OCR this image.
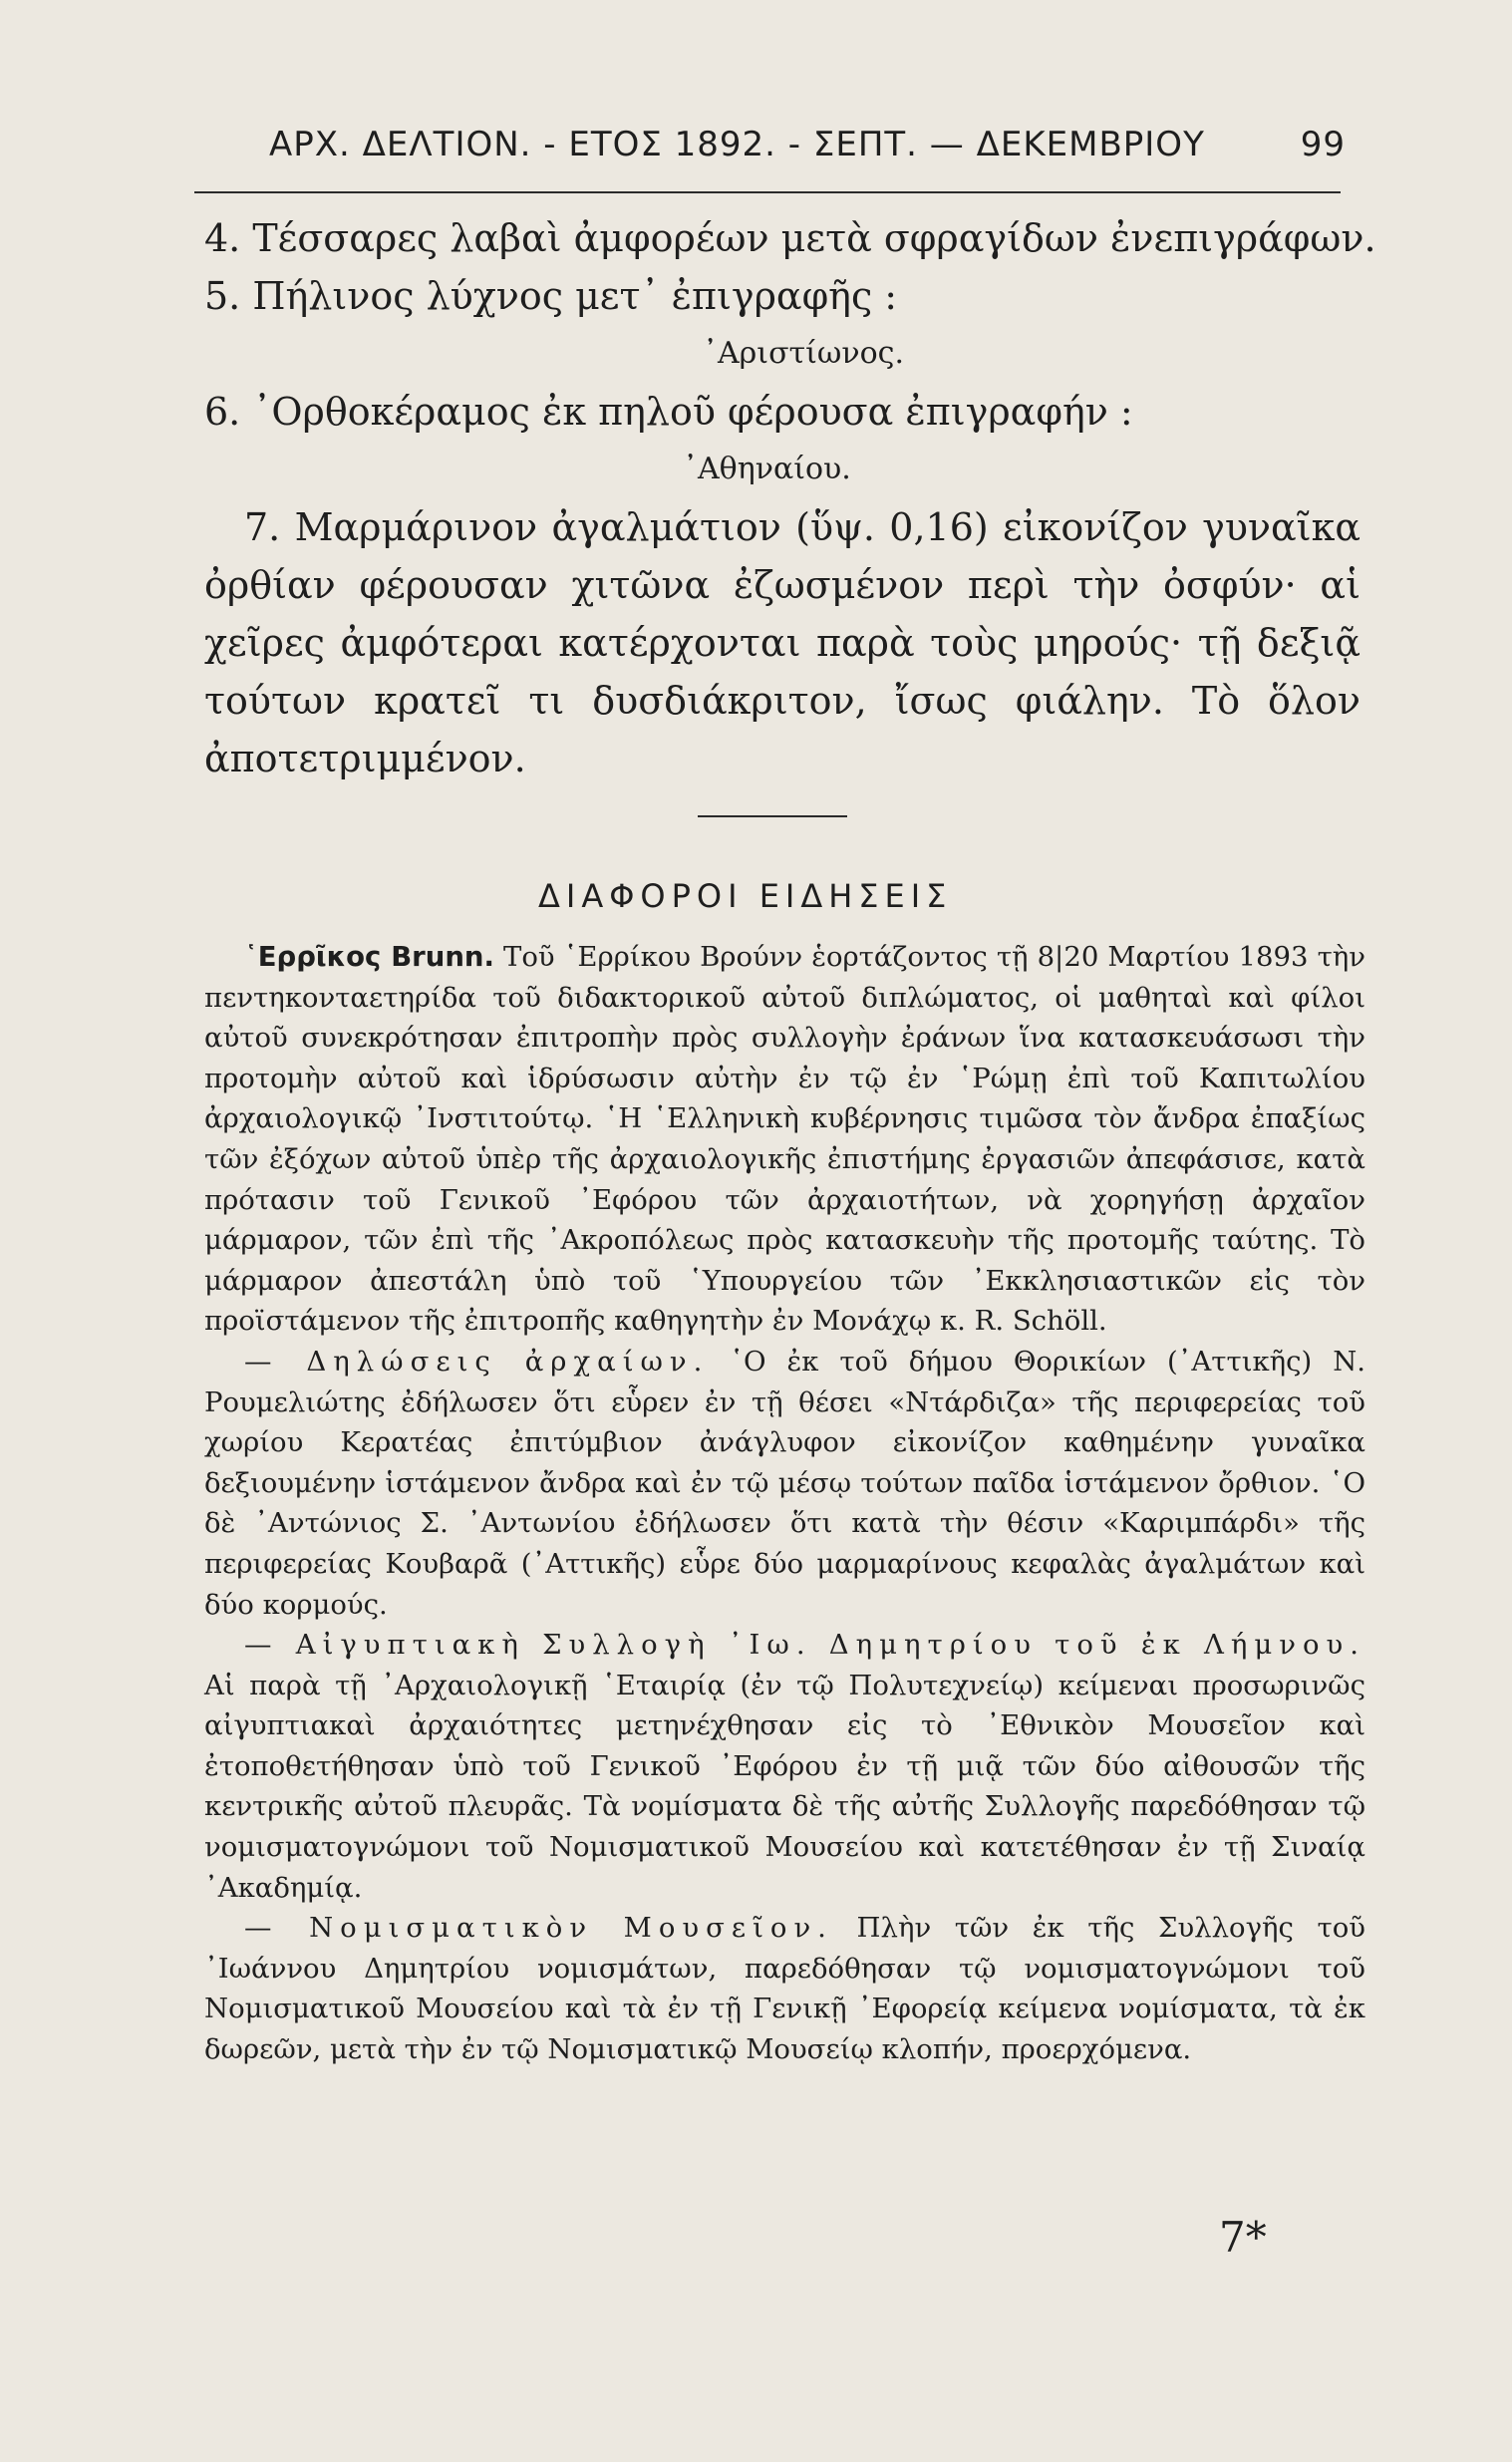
ΑΡΧ. ΔΕΛΤΙΟΝ. - ΕΤΟΣ 1892. - ΣΕΠΤ. — ΔΕΚΕΜΒΡΙΟΥ	99

4. Τέσσαρες λαβαὶ ἀμφορέων μετὰ σφραγίδων ἐνεπιγράφων.

5. Πήλινος λύχνος μετ᾽ ἐπιγραφῆς :

᾽Αριστίωνος.

6. ᾽Ορθοκέραμος ἐκ πηλοῦ φέρουσα ἐπιγραφήν :

᾽Αθηναίου.

7. Μαρμάρινον ἀγαλμάτιον (ὕψ. 0,16) εἰκονίζον γυναῖκα ὀρθίαν φέρουσαν χιτῶνα ἐζωσμένον περὶ τὴν ὀσφύν· αἱ χεῖρες ἀμφότεραι κατέρχονται παρὰ τοὺς μηρούς· τῇ δεξιᾷ τούτων κρατεῖ τι δυσδιάκριτον, ἴσως φιάλην. Τὸ ὅλον ἀποτετριμμένον.

ΔΙΑΦΟΡΟΙ ΕΙΔΗΣΕΙΣ

῾Ερρῖκος Brunn. Τοῦ ῾Ερρίκου Βρούνν ἑορτάζοντος τῇ 8|20 Μαρτίου 1893 τὴν πεντηκονταετηρίδα τοῦ διδακτορικοῦ αὐτοῦ διπλώματος, οἱ μαθηταὶ καὶ φίλοι αὐτοῦ συνεκρότησαν ἐπιτροπὴν πρὸς συλλογὴν ἐράνων ἵνα κατασκευάσωσι τὴν προτομὴν αὐτοῦ καὶ ἱδρύσωσιν αὐτὴν ἐν τῷ ἐν ῾Ρώμῃ ἐπὶ τοῦ Καπιτωλίου ἀρχαιολογικῷ ᾽Ινστιτούτῳ. ῾Η ῾Ελληνικὴ κυβέρνησις τιμῶσα τὸν ἄνδρα ἐπαξίως τῶν ἐξόχων αὐτοῦ ὑπὲρ τῆς ἀρχαιολογικῆς ἐπιστήμης ἐργασιῶν ἀπεφάσισε, κατὰ πρότασιν τοῦ Γενικοῦ ᾽Εφόρου τῶν ἀρχαιοτήτων, νὰ χορηγήσῃ ἀρχαῖον μάρμαρον, τῶν ἐπὶ τῆς ᾽Ακροπόλεως πρὸς κατασκευὴν τῆς προτομῆς ταύτης. Τὸ μάρμαρον ἀπεστάλη ὑπὸ τοῦ ῾Υπουργείου τῶν ᾽Εκκλησιαστικῶν εἰς τὸν προϊστάμενον τῆς ἐπιτροπῆς καθηγητὴν ἐν Μονάχῳ κ. R. Schöll.

— Δηλώσεις ἀρχαίων. ῾Ο ἐκ τοῦ δήμου Θορικίων (᾽Αττικῆς) Ν. Ρουμελιώτης ἐδήλωσεν ὅτι εὗρεν ἐν τῇ θέσει «Ντάρδιζα» τῆς περιφερείας τοῦ χωρίου Κερατέας ἐπιτύμβιον ἀνάγλυφον εἰκονίζον καθημένην γυναῖκα δεξιουμένην ἱστάμενον ἄνδρα καὶ ἐν τῷ μέσῳ τούτων παῖδα ἱστάμενον ὄρθιον. ῾Ο δὲ ᾽Αντώνιος Σ. ᾽Αντωνίου ἐδήλωσεν ὅτι κατὰ τὴν θέσιν «Καριμπάρδι» τῆς περιφερείας Κουβαρᾶ (᾽Αττικῆς) εὗρε δύο μαρμαρίνους κεφαλὰς ἀγαλμάτων καὶ δύο κορμούς.

— Αἰγυπτιακὴ Συλλογὴ ᾽Ιω. Δημητρίου τοῦ ἐκ Λήμνου. Αἱ παρὰ τῇ ᾽Αρχαιολογικῇ ῾Εταιρίᾳ (ἐν τῷ Πολυτεχνείῳ) κείμεναι προσωρινῶς αἰγυπτιακαὶ ἀρχαιότητες μετηνέχθησαν εἰς τὸ ᾽Εθνικὸν Μουσεῖον καὶ ἐτοποθετήθησαν ὑπὸ τοῦ Γενικοῦ ᾽Εφόρου ἐν τῇ μιᾷ τῶν δύο αἰθουσῶν τῆς κεντρικῆς αὐτοῦ πλευρᾶς. Τὰ νομίσματα δὲ τῆς αὐτῆς Συλλογῆς παρεδόθησαν τῷ νομισματογνώμονι τοῦ Νομισματικοῦ Μουσείου καὶ κατετέθησαν ἐν τῇ Σιναίᾳ ᾽Ακαδημίᾳ.

— Νομισματικὸν Μουσεῖον. Πλὴν τῶν ἐκ τῆς Συλλογῆς τοῦ ᾽Ιωάννου Δημητρίου νομισμάτων, παρεδόθησαν τῷ νομισματογνώμονι τοῦ Νομισματικοῦ Μουσείου καὶ τὰ ἐν τῇ Γενικῇ ᾽Εφορείᾳ κείμενα νομίσματα, τὰ ἐκ δωρεῶν, μετὰ τὴν ἐν τῷ Νομισματικῷ Μουσείῳ κλοπήν, προερχόμενα.

7*
